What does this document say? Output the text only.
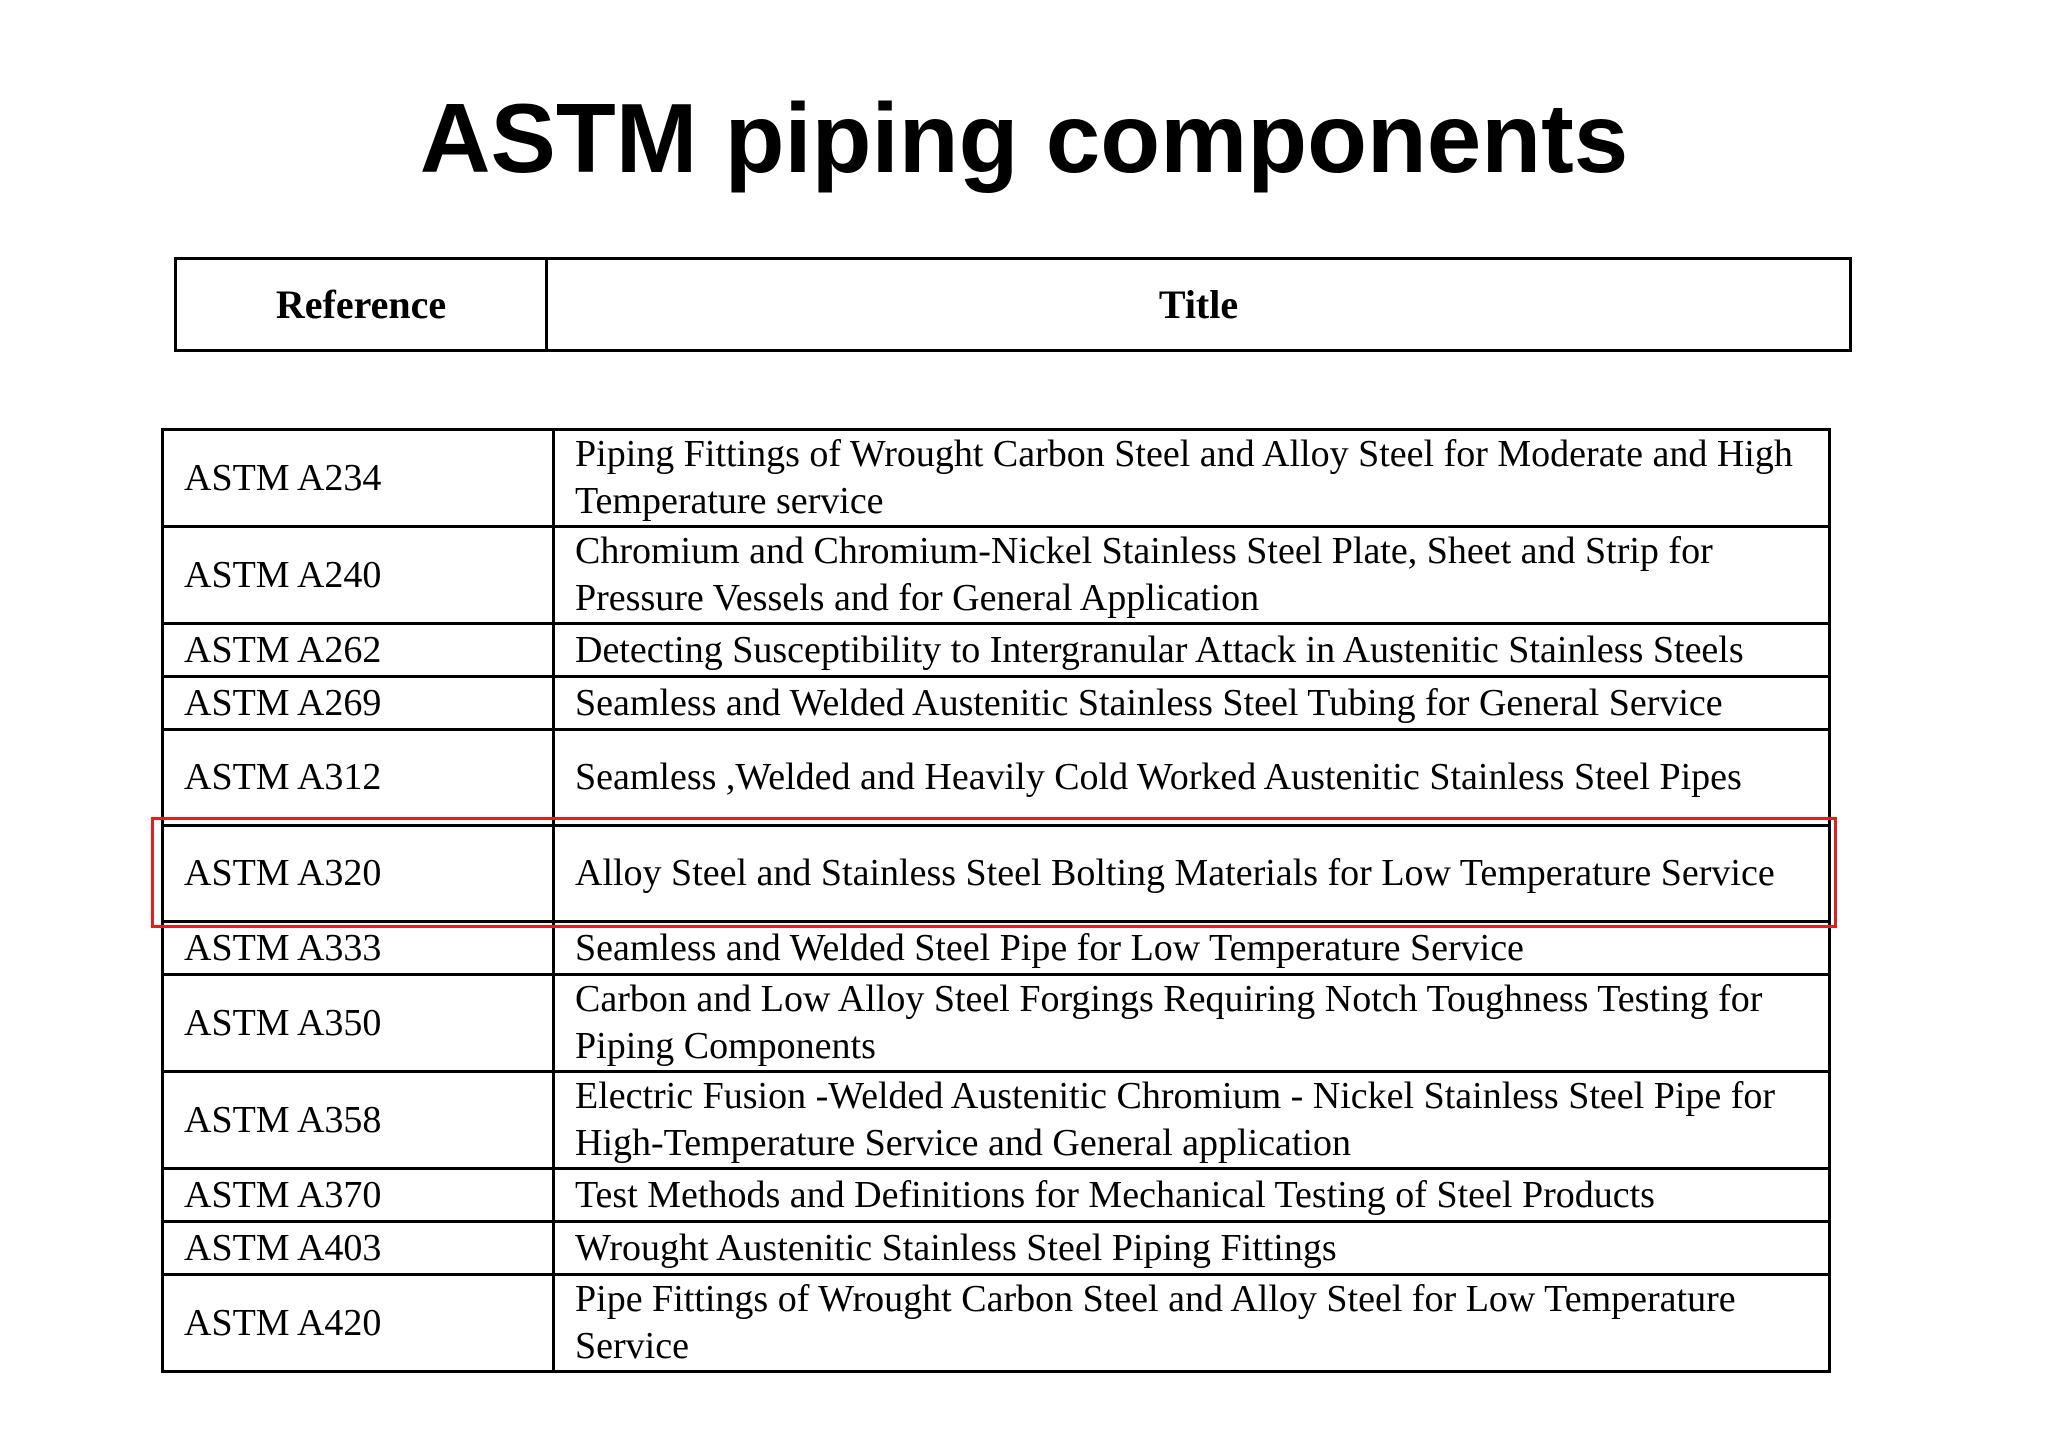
ASTM piping components
Reference	Title
ASTM A234	Piping Fittings of Wrought Carbon Steel and Alloy Steel for Moderate and High Temperature service
ASTM A240	Chromium and Chromium-Nickel Stainless Steel Plate, Sheet and Strip for Pressure Vessels and for General Application
ASTM A262	Detecting Susceptibility to Intergranular Attack in Austenitic Stainless Steels
ASTM A269	Seamless and Welded Austenitic Stainless Steel Tubing for General Service
ASTM A312	Seamless ,Welded and Heavily Cold Worked Austenitic Stainless Steel Pipes
ASTM A320	Alloy Steel and Stainless Steel Bolting Materials for Low Temperature Service
ASTM A333	Seamless and Welded Steel Pipe for Low Temperature Service
ASTM A350	Carbon and Low Alloy Steel Forgings Requiring Notch Toughness Testing for Piping Components
ASTM A358	Electric Fusion -Welded Austenitic Chromium - Nickel Stainless Steel Pipe for High-Temperature Service and General application
ASTM A370	Test Methods and Definitions for Mechanical Testing of Steel Products
ASTM A403	Wrought Austenitic Stainless Steel Piping Fittings
ASTM A420	Pipe Fittings of Wrought Carbon Steel and Alloy Steel for Low Temperature Service
